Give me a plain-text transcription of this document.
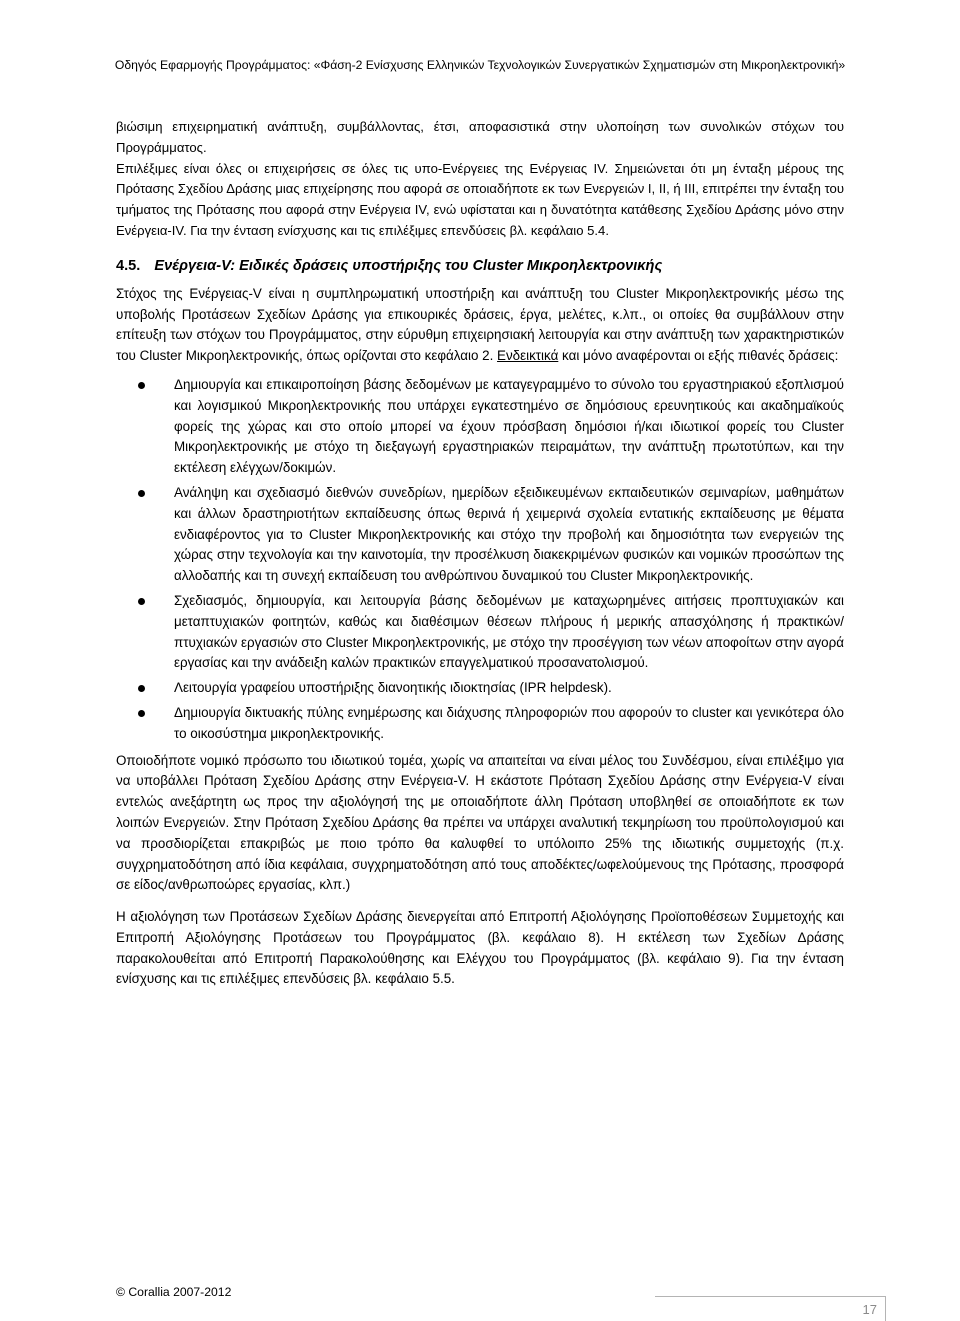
Οδηγός Εφαρμογής Προγράμματος: «Φάση-2 Ενίσχυσης Ελληνικών Τεχνολογικών Συνεργατικών Σχηματισμών στη Μικροηλεκτρονική»

βιώσιμη επιχειρηματική ανάπτυξη, συμβάλλοντας, έτσι, αποφασιστικά στην υλοποίηση των συνολικών στόχων του Προγράμματος.

Επιλέξιμες είναι όλες οι επιχειρήσεις σε όλες τις υπο-Ενέργειες της Ενέργειας IV. Σημειώνεται ότι μη ένταξη μέρους της Πρότασης Σχεδίου Δράσης μιας επιχείρησης που αφορά σε οποιαδήποτε εκ των Ενεργειών I, II, ή III, επιτρέπει την ένταξη του τμήματος της Πρότασης που αφορά στην Ενέργεια IV, ενώ υφίσταται και η δυνατότητα κατάθεσης Σχεδίου Δράσης μόνο στην Ενέργεια-IV. Για την ένταση ενίσχυσης και τις επιλέξιμες επενδύσεις βλ. κεφάλαιο 5.4.

4.5. Ενέργεια-V: Ειδικές δράσεις υποστήριξης του Cluster Μικροηλεκτρονικής

Στόχος της Ενέργειας-V είναι η συμπληρωματική υποστήριξη και ανάπτυξη του Cluster Μικροηλεκτρονικής μέσω της υποβολής Προτάσεων Σχεδίων Δράσης για επικουρικές δράσεις, έργα, μελέτες, κ.λπ., οι οποίες θα συμβάλλουν στην επίτευξη των στόχων του Προγράμματος, στην εύρυθμη επιχειρησιακή λειτουργία και στην ανάπτυξη των χαρακτηριστικών του Cluster Μικροηλεκτρονικής, όπως ορίζονται στο κεφάλαιο 2. Ενδεικτικά και μόνο αναφέρονται οι εξής πιθανές δράσεις:

Δημιουργία και επικαιροποίηση βάσης δεδομένων με καταγεγραμμένο το σύνολο του εργαστηριακού εξοπλισμού και λογισμικού Μικροηλεκτρονικής που υπάρχει εγκατεστημένο σε δημόσιους ερευνητικούς και ακαδημαϊκούς φορείς της χώρας και στο οποίο μπορεί να έχουν πρόσβαση δημόσιοι ή/και ιδιωτικοί φορείς του Cluster Μικροηλεκτρονικής με στόχο τη διεξαγωγή εργαστηριακών πειραμάτων, την ανάπτυξη πρωτοτύπων, και την εκτέλεση ελέγχων/δοκιμών.
Ανάληψη και σχεδιασμό διεθνών συνεδρίων, ημερίδων εξειδικευμένων εκπαιδευτικών σεμιναρίων, μαθημάτων και άλλων δραστηριοτήτων εκπαίδευσης όπως θερινά ή χειμερινά σχολεία εντατικής εκπαίδευσης με θέματα ενδιαφέροντος για το Cluster Μικροηλεκτρονικής και στόχο την προβολή και δημοσιότητα των ενεργειών της χώρας στην τεχνολογία και την καινοτομία, την προσέλκυση διακεκριμένων φυσικών και νομικών προσώπων της αλλοδαπής και τη συνεχή εκπαίδευση του ανθρώπινου δυναμικού του Cluster Μικροηλεκτρονικής.
Σχεδιασμός, δημιουργία, και λειτουργία βάσης δεδομένων με καταχωρημένες αιτήσεις προπτυχιακών και μεταπτυχιακών φοιτητών, καθώς και διαθέσιμων θέσεων πλήρους ή μερικής απασχόλησης ή πρακτικών/πτυχιακών εργασιών στο Cluster Μικροηλεκτρονικής, με στόχο την προσέγγιση των νέων αποφοίτων στην αγορά εργασίας και την ανάδειξη καλών πρακτικών επαγγελματικού προσανατολισμού.
Λειτουργία γραφείου υποστήριξης διανοητικής ιδιοκτησίας (IPR helpdesk).
Δημιουργία δικτυακής πύλης ενημέρωσης και διάχυσης πληροφοριών που αφορούν το cluster και γενικότερα όλο το οικοσύστημα μικροηλεκτρονικής.

Οποιοδήποτε νομικό πρόσωπο του ιδιωτικού τομέα, χωρίς να απαιτείται να είναι μέλος του Συνδέσμου, είναι επιλέξιμο για να υποβάλλει Πρόταση Σχεδίου Δράσης στην Ενέργεια-V. Η εκάστοτε Πρόταση Σχεδίου Δράσης στην Ενέργεια-V είναι εντελώς ανεξάρτητη ως προς την αξιολόγησή της με οποιαδήποτε άλλη Πρόταση υποβληθεί σε οποιαδήποτε εκ των λοιπών Ενεργειών. Στην Πρόταση Σχεδίου Δράσης θα πρέπει να υπάρχει αναλυτική τεκμηρίωση του προϋπολογισμού και να προσδιορίζεται επακριβώς με ποιο τρόπο θα καλυφθεί το υπόλοιπο 25% της ιδιωτικής συμμετοχής (π.χ. συγχρηματοδότηση από ίδια κεφάλαια, συγχρηματοδότηση από τους αποδέκτες/ωφελούμενους της Πρότασης, προσφορά σε είδος/ανθρωποώρες εργασίας, κλπ.)

Η αξιολόγηση των Προτάσεων Σχεδίων Δράσης διενεργείται από Επιτροπή Αξιολόγησης Προϊοποθέσεων Συμμετοχής και Επιτροπή Αξιολόγησης Προτάσεων του Προγράμματος (βλ. κεφάλαιο 8). Η εκτέλεση των Σχεδίων Δράσης παρακολουθείται από Επιτροπή Παρακολούθησης και Ελέγχου του Προγράμματος (βλ. κεφάλαιο 9). Για την ένταση ενίσχυσης και τις επιλέξιμες επενδύσεις βλ. κεφάλαιο 5.5.

© Corallia 2007-2012
17
